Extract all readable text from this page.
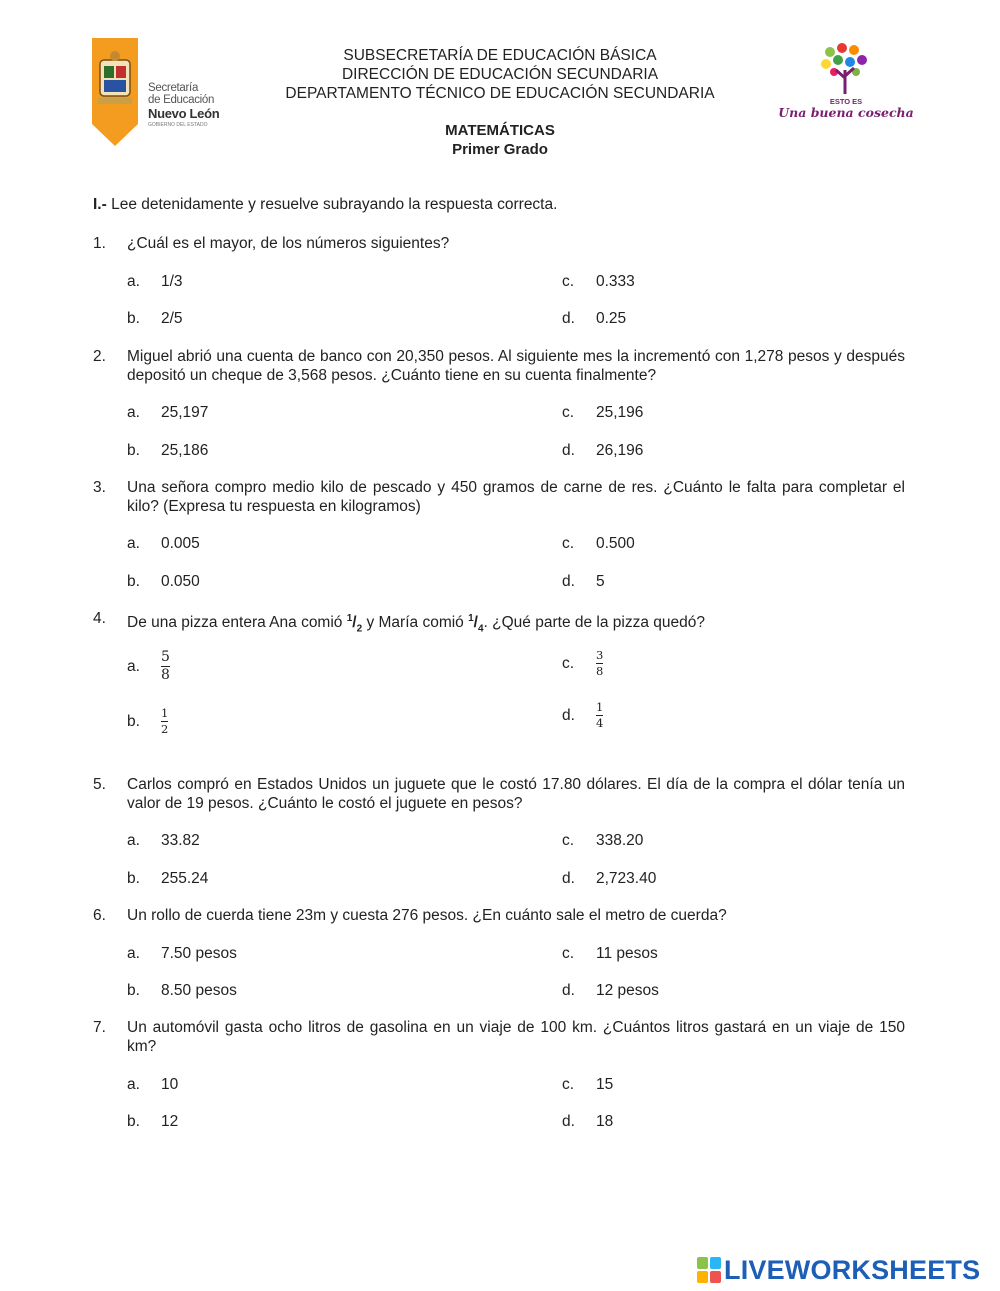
Secretaría
de Educación
Nuevo León
GOBIERNO DEL ESTADO
SUBSECRETARÍA DE EDUCACIÓN BÁSICA
DIRECCIÓN DE EDUCACIÓN SECUNDARIA
DEPARTAMENTO TÉCNICO DE EDUCACIÓN SECUNDARIA
MATEMÁTICAS
Primer Grado
ESTO ES
Una buena cosecha
I.- Lee detenidamente y resuelve subrayando la respuesta correcta.
1. ¿Cuál es el mayor, de los números siguientes?
a. 1/3
b. 2/5
c. 0.333
d. 0.25
2. Miguel abrió una cuenta de banco con 20,350 pesos. Al siguiente mes la incrementó con 1,278 pesos y después depositó un cheque de 3,568 pesos. ¿Cuánto tiene en su cuenta finalmente?
a. 25,197
b. 25,186
c. 25,196
d. 26,196
3. Una señora compro medio kilo de pescado y 450 gramos de carne de res. ¿Cuánto le falta para completar el kilo? (Expresa tu respuesta en kilogramos)
a. 0.005
b. 0.050
c. 0.500
d. 5
4. De una pizza entera Ana comió $^1/_2$ y María comió $^1/_4$. ¿Qué parte de la pizza quedó?
a.	$\frac{5}{8}$
b.	$\frac{1}{2}$
c.	$\frac{3}{8}$
d.	$\frac{1}{4}$
5. Carlos compró en Estados Unidos un juguete que le costó 17.80 dólares. El día de la compra el dólar tenía un valor de 19 pesos. ¿Cuánto le costó el juguete en pesos?
a. 33.82
b. 255.24
c. 338.20
d. 2,723.40
6. Un rollo de cuerda tiene 23m y cuesta 276 pesos. ¿En cuánto sale el metro de cuerda?
a. 7.50 pesos
b. 8.50 pesos
c. 11 pesos
d. 12 pesos
7. Un automóvil gasta ocho litros de gasolina en un viaje de 100 km. ¿Cuántos litros gastará en un viaje de 150 km?
a. 10
b. 12
c. 15
d. 18
LIVEWORKSHEETS
